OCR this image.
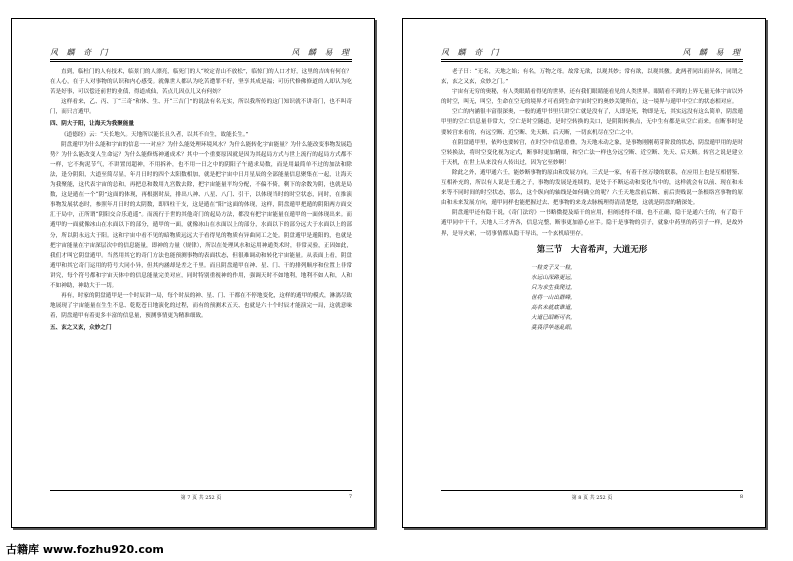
风 麟 奇 门	风 麟 易 理

直到，临杜门的人有技术，临景门的人漂亮，临死门的人“咬定青山不放松”，临惊门的人口才好，这里的吉凶有何在？ 在人心，在于人对事物的认识和内心感受。就像世人都认为吃苦遭罪不好，坚享其成是福；可历代修佛修道的人却认为吃苦是好事，可以偿还前世的业债，得道成仙，苦点儿因点儿又有何妨？

这样看来，乙、丙、丁“三奇”和休、生、开“三吉门”的说法有名无实，所以我所传的这门知识就不讲奇门，也不叫奇门，而只言遁甲。

四、阴大于阳，让海天为我聚能量

《道德经》云：“天长地久。天地所以能长且久者，以其不自生，故能长生。”

阴盘遁甲为什么能和宇宙的信息一一对应？为什么能处理环境风水？为什么能转化宇宙能量？为什么能改变事物发展趋势？为什么能改变人生命运？为什么能修炼神通成术？其中一个重要原因就是因为其起局方式与世上流行的起局方式都不一样，它不拘泥节气，不讲置闰超神，不用拆补，也不用一日之中的阴阳子午遁求局数，而是用最简单不过的加法和除法，逢分阴阳，大道至简尽显，年月日时的四个太阳数相加，就是把宇宙中日月星辰的全部能量信息聚集在一起，让海天为我聚能，这代表宇宙的总和，再把总和数用九宫数去除，把宇宙能量平均分配，不偏不倚，剩下的余数为阴，也就是局数，这是遁在一个“阴”这面的体现，再根据时辰，排出八神、八星、八门、引干，以体现当时的时空状态，同时，在推演事物发展状态时，参照年月日时的太阴数，即四柱干支，这是遁在“阳”这面的体现，这样，阴盘遁甲把遁的阴阳两方面交汇于局中，正所谓“阴阳交合乐逍遥”。而流行于世的其他奇门的起局方法，都没有把宇宙能量在遁甲的一面体现出来。而遁甲的一面就像冰山在水面以下的部分，遁甲的一面，就像冰山在水面以上的部分，水面以下的部分远大于水面以上的部分，所以阴永远大于阳。这和宇宙中看不见的暗物质远远大于看得见的物质有异曲同工之处。阴盘遁甲是遁阳的，也就是把宇宙能量在宇宙深层次中的信息能量，即神的力量（规律），所以在处理风水和运用神通类术时，非常灵验，正因如此，我们才叫它阴盘遁甲。当然用其它的奇门方法也能预测事物的表面状态，但很难调动和转化宇宙能量。从表面上看，阴盘遁甲和其它奇门运用的符号大同小异，但其内涵却是差之千里。而且阴盘遁甲在神、星、门、干的排列顺序和位置上非常讲究，每个符号都和宇宙天体中的信息能量完美对应，同时特别重视神的作用，强调天时不如地利，地利不如人和，人和不如神助，神助大于一切。

再有，时家的阴盘遁甲是一个时辰讲一局，每个时辰的神、星、门、干都在不停地变化，这样的遁甲的模式，淋漓尽致地展现了宇宙能量在生生不息、乾乾苍日地演化的过程，而有的预测术五天、也就是六十个时辰才能演完一局，这就意味着，阴盘遁甲有着更多丰富的信息量，预测事情更为精准细致。

五、玄之又玄，众妙之门

第 7 页 共 252 页	7
风 麟 奇 门	风 麟 易 理

老子曰：“无名，天地之始；有名，万物之母。故常无欲，以观其妙；常有欲，以观其徼。此两者同出而异名，同谓之玄，玄之又玄，众妙之门。”

宇宙有无穷的奥秘，有人类眼睛看得见的世界，还有我们眼睛能看见的人类世界。眼睛看不到的上界无量无体宇宙以外的时空，叫无，叫空，生命在空无的境界才可看到生命宇宙时空的奥妙关键所在，这一境界与遁甲中空亡的状态相对应。

空亡的内涵很丰富很深奥，一般的遁甲书里只讲空亡就是没有了，人即是死，物即是无，其实远没有这么简单，阴盘遁甲里的空亡信息量非常大，空亡是时空隧道，是时空转换的关口，是阴阳转换点，无中生有都是从空亡而来。在断事时是要转宫来看的，有远空断、近空断、先天断、后天断，一切玄机尽在空亡之中。

在阴盘遁甲里，依吟也要转宫，在时空中信息重叠，为天地未动之象，是事物刚刚萌芽阶段的状态，阴盘遁甲用的是时空转换法，将时空变化视为定式，断事时更加精细，和空亡法一样也分远空断、近空断、先天、后天断。转宫之说是建立于天机，在世上从来没有人传出过，因为它至妙啊！

除此之外，遁甲通六壬，能妙断事物的原由和发展方向。三式是一家，有着千丝万缕的联系，在应用上也是互相借鉴、互相补充的，所以有人说是壬遁之子，事物的发展是连续的，是处于不断运动和变化当中的，这样就会有以前、现在和未来等不同时间的时空状态，那么，这个纵向的轴线是如何确立的呢？六壬天地盘前后断、前后贵贱说一条根络宫事物的原由和未来发展方向，遁甲同样也能把握过去、把事物的来龙去脉梳理得清清楚楚，这就是阴盘的精深处。

阴盘遁甲还有隐干说，《奇门法窍》一书略微提及暗干的应用，但阐述得不细，也不正确，隐干是通六壬的，有了隐干遁甲同中干千，天地人三才齐各，信息完整，断事更加游心应手。隐干是事物的引子，就象中药里的药引子一样，是故外界，是导火索，一切事情都从隐干导出，一个玄机暗里存。

第三节　大音希声，大道无形
一粒麦子又一粒，
水远山深路更远，
只为求生我爬过，
世将一山出群峰，
高名未就底谁道，
大道已昭断可名，
莫畏浮华迷乱眼。
第 8 页 共 252 页	8
古籍库 www.fozhu920.com
